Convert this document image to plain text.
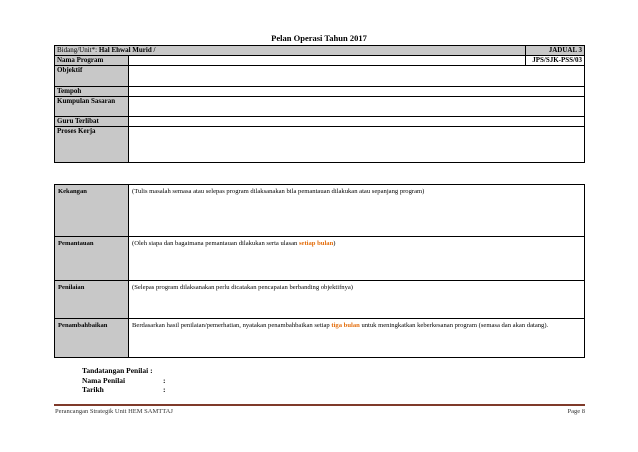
Pelan Operasi Tahun 2017
Bidang/Unit*: Hal Ehwal Murid /		JADUAL 3
Nama Program		JPS/SJK-PSS/03
Objektif		
Tempoh		
Kumpulan Sasaran		
Guru Terlibat		
Proses Kerja		
Kekangan	(Tulis masalah semasa atau selepas program dilaksanakan bila pemantauan dilakukan atau sepanjang program)
Pemantauan	(Oleh siapa dan bagaimana pemantauan dilakukan serta ulasan setiap bulan)
Penilaian	(Selepas program dilaksanakan perlu dicatakan pencapaian berbanding objektifnya)
Penambahbaikan	Berdasarkan hasil penilaian/pemerhatian, nyatakan penambahbaikan setiap tiga bulan untuk meningkatkan keberkesanan program (semasa dan akan datang).
Tandatangan Penilai :
Nama Penilai	:
Tarikh	:
Perancangan Strategik Unit HEM SAMTTAJ	Page 8
